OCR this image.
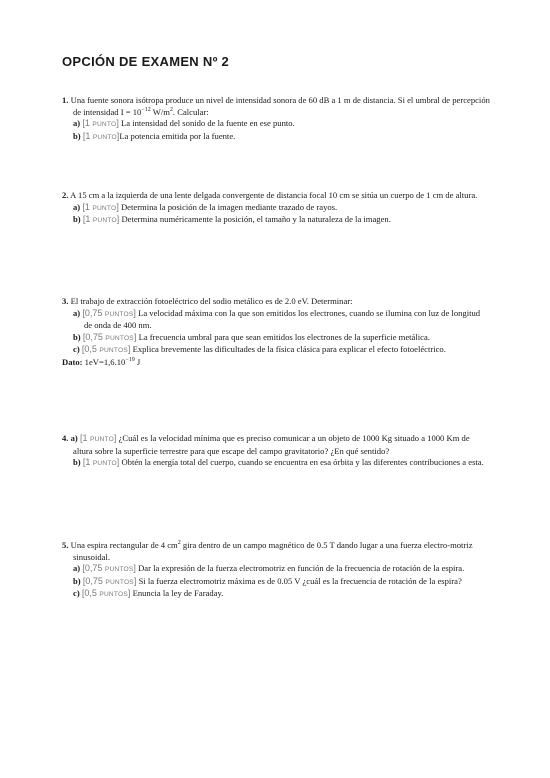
OPCIÓN DE EXAMEN Nº 2

1. Una fuente sonora isótropa produce un nivel de intensidad sonora de 60 dB a 1 m de distancia. Si el umbral de percepción de intensidad $I = 10^{-12}$ $W/m^2$. Calcular:

a) [1 PUNTO] La intensidad del sonido de la fuente en ese punto.

b) [1 PUNTO]La potencia emitida por la fuente.

2. A 15 cm a la izquierda de una lente delgada convergente de distancia focal 10 cm se sitúa un cuerpo de 1 cm de altura.

a) [1 PUNTO] Determina la posición de la imagen mediante trazado de rayos.

b) [1 PUNTO] Determina numéricamente la posición, el tamaño y la naturaleza de la imagen.

3. El trabajo de extracción fotoeléctrico del sodio metálico es de 2.0 eV. Determinar:

a) [0,75 PUNTOS] La velocidad máxima con la que son emitidos los electrones, cuando se ilumina con luz de longitud de onda de 400 nm.

b) [0,75 PUNTOS] La frecuencia umbral para que sean emitidos los electrones de la superficie metálica.

c) [0,5 PUNTOS] Explica brevemente las dificultades de la física clásica para explicar el efecto fotoeléctrico.

Dato: $1eV=1,6.10^{-19}$ J

4. a) [1 PUNTO] ¿Cuál es la velocidad mínima que es preciso comunicar a un objeto de 1000 Kg situado a 1000 Km de altura sobre la superficie terrestre para que escape del campo gravitatorio? ¿En qué sentido?

b) [1 PUNTO] Obtén la energía total del cuerpo, cuando se encuentra en esa órbita y las diferentes contribuciones a esta.

5. Una espira rectangular de 4 $cm^2$ gira dentro de un campo magnético de 0.5 T dando lugar a una fuerza electro-motriz sinusoidal.

a) [0,75 PUNTOS] Dar la expresión de la fuerza electromotriz en función de la frecuencia de rotación de la espira.

b) [0,75 PUNTOS] Si la fuerza electromotriz máxima es de 0.05 V ¿cuál es la frecuencia de rotación de la espira?

c) [0,5 PUNTOS] Enuncia la ley de Faraday.
